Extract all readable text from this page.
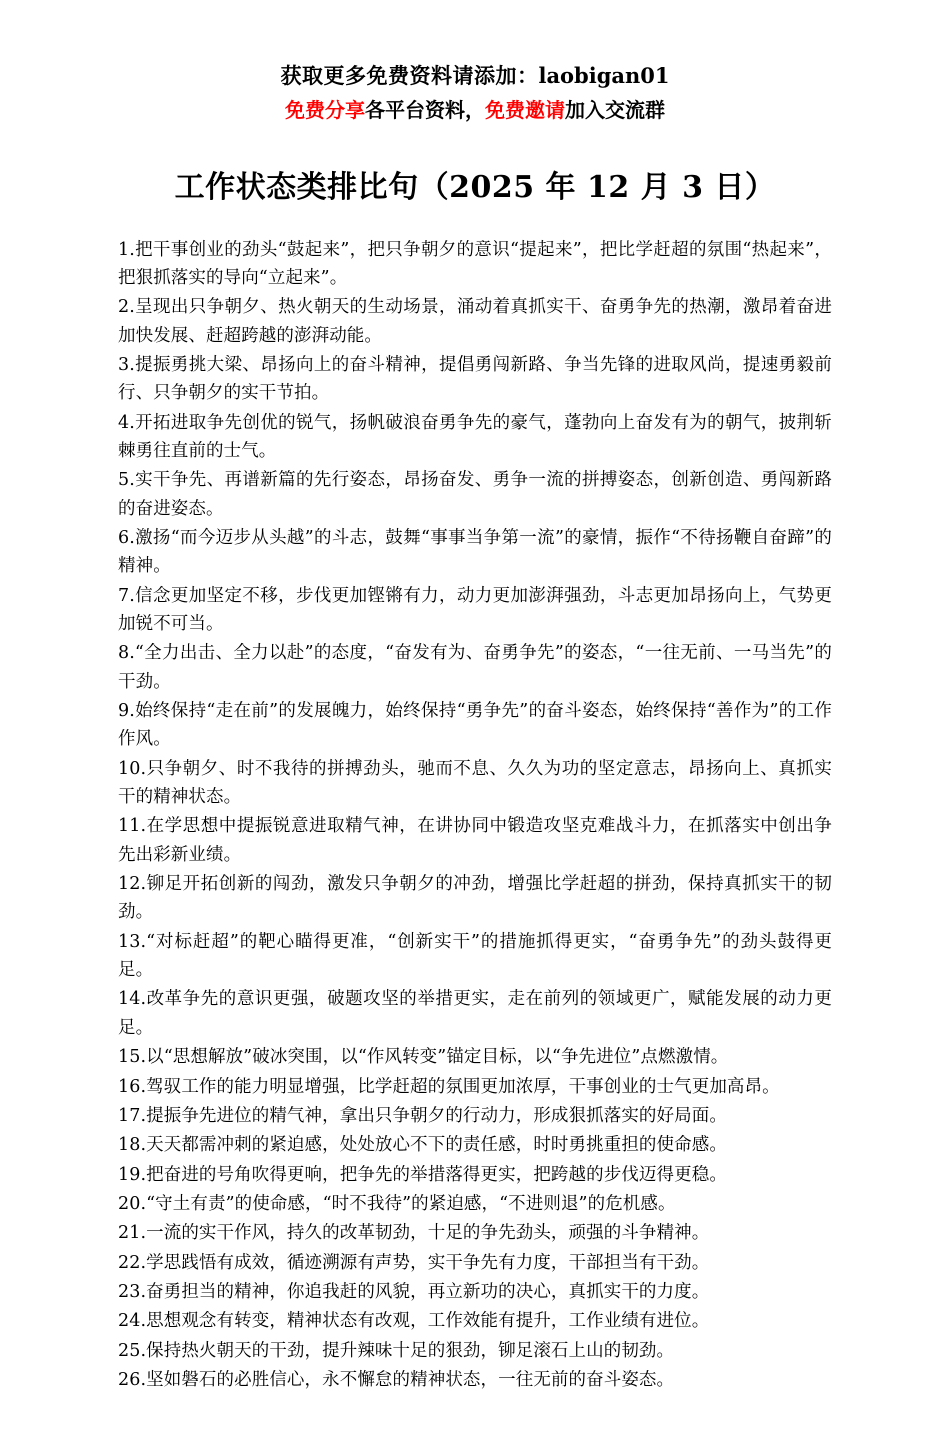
获取更多免费资料请添加：laobigan01
免费分享各平台资料，免费邀请加入交流群
工作状态类排比句（2025 年 12 月 3 日）
1.把干事创业的劲头“鼓起来”，把只争朝夕的意识“提起来”，把比学赶超的氛围“热起来”，把狠抓落实的导向“立起来”。
2.呈现出只争朝夕、热火朝天的生动场景，涌动着真抓实干、奋勇争先的热潮，激昂着奋进加快发展、赶超跨越的澎湃动能。
3.提振勇挑大梁、昂扬向上的奋斗精神，提倡勇闯新路、争当先锋的进取风尚，提速勇毅前行、只争朝夕的实干节拍。
4.开拓进取争先创优的锐气，扬帆破浪奋勇争先的豪气，蓬勃向上奋发有为的朝气，披荆斩棘勇往直前的士气。
5.实干争先、再谱新篇的先行姿态，昂扬奋发、勇争一流的拼搏姿态，创新创造、勇闯新路的奋进姿态。
6.激扬“而今迈步从头越”的斗志，鼓舞“事事当争第一流”的豪情，振作“不待扬鞭自奋蹄”的精神。
7.信念更加坚定不移，步伐更加铿锵有力，动力更加澎湃强劲，斗志更加昂扬向上，气势更加锐不可当。
8.“全力出击、全力以赴”的态度，“奋发有为、奋勇争先”的姿态，“一往无前、一马当先”的干劲。
9.始终保持“走在前”的发展魄力，始终保持“勇争先”的奋斗姿态，始终保持“善作为”的工作作风。
10.只争朝夕、时不我待的拼搏劲头，驰而不息、久久为功的坚定意志，昂扬向上、真抓实干的精神状态。
11.在学思想中提振锐意进取精气神，在讲协同中锻造攻坚克难战斗力，在抓落实中创出争先出彩新业绩。
12.铆足开拓创新的闯劲，激发只争朝夕的冲劲，增强比学赶超的拼劲，保持真抓实干的韧劲。
13.“对标赶超”的靶心瞄得更准，“创新实干”的措施抓得更实，“奋勇争先”的劲头鼓得更足。
14.改革争先的意识更强，破题攻坚的举措更实，走在前列的领域更广，赋能发展的动力更足。
15.以“思想解放”破冰突围，以“作风转变”锚定目标，以“争先进位”点燃激情。
16.驾驭工作的能力明显增强，比学赶超的氛围更加浓厚，干事创业的士气更加高昂。
17.提振争先进位的精气神，拿出只争朝夕的行动力，形成狠抓落实的好局面。
18.天天都需冲刺的紧迫感，处处放心不下的责任感，时时勇挑重担的使命感。
19.把奋进的号角吹得更响，把争先的举措落得更实，把跨越的步伐迈得更稳。
20.“守土有责”的使命感，“时不我待”的紧迫感，“不进则退”的危机感。
21.一流的实干作风，持久的改革韧劲，十足的争先劲头，顽强的斗争精神。
22.学思践悟有成效，循迹溯源有声势，实干争先有力度，干部担当有干劲。
23.奋勇担当的精神，你追我赶的风貌，再立新功的决心，真抓实干的力度。
24.思想观念有转变，精神状态有改观，工作效能有提升，工作业绩有进位。
25.保持热火朝天的干劲，提升辣味十足的狠劲，铆足滚石上山的韧劲。
26.坚如磐石的必胜信心，永不懈怠的精神状态，一往无前的奋斗姿态。
